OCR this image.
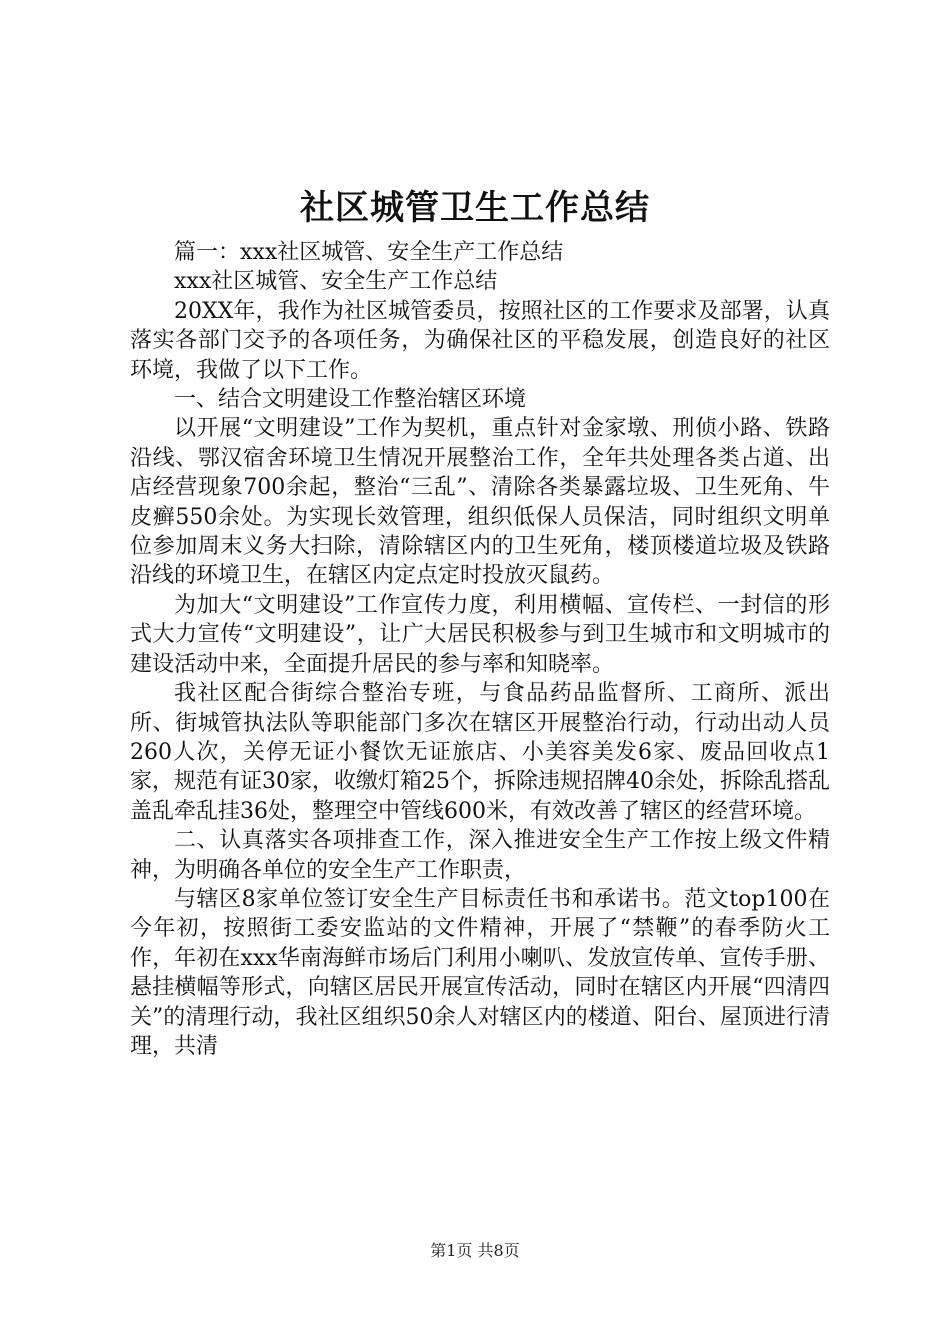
社区城管卫生工作总结

篇一：xxx社区城管、安全生产工作总结

xxx社区城管、安全生产工作总结

20XX年，我作为社区城管委员，按照社区的工作要求及部署，认真落实各部门交予的各项任务，为确保社区的平稳发展，创造良好的社区环境，我做了以下工作。

一、结合文明建设工作整治辖区环境

以开展“文明建设”工作为契机，重点针对金家墩、刑侦小路、铁路沿线、鄂汉宿舍环境卫生情况开展整治工作，全年共处理各类占道、出店经营现象700余起，整治“三乱”、清除各类暴露垃圾、卫生死角、牛皮癣550余处。为实现长效管理，组织低保人员保洁，同时组织文明单位参加周末义务大扫除，清除辖区内的卫生死角，楼顶楼道垃圾及铁路沿线的环境卫生，在辖区内定点定时投放灭鼠药。

为加大“文明建设”工作宣传力度，利用横幅、宣传栏、一封信的形式大力宣传“文明建设”，让广大居民积极参与到卫生城市和文明城市的建设活动中来，全面提升居民的参与率和知晓率。

我社区配合街综合整治专班，与食品药品监督所、工商所、派出所、街城管执法队等职能部门多次在辖区开展整治行动，行动出动人员260人次，关停无证小餐饮无证旅店、小美容美发6家、废品回收点1家，规范有证30家，收缴灯箱25个，拆除违规招牌40余处，拆除乱搭乱盖乱牵乱挂36处，整理空中管线600米，有效改善了辖区的经营环境。

二、认真落实各项排查工作，深入推进安全生产工作按上级文件精神，为明确各单位的安全生产工作职责，

与辖区8家单位签订安全生产目标责任书和承诺书。范文top100在今年初，按照街工委安监站的文件精神，开展了“禁鞭”的春季防火工作，年初在xxx华南海鲜市场后门利用小喇叭、发放宣传单、宣传手册、悬挂横幅等形式，向辖区居民开展宣传活动，同时在辖区内开展“四清四关”的清理行动，我社区组织50余人对辖区内的楼道、阳台、屋顶进行清理，共清

第1页 共8页
